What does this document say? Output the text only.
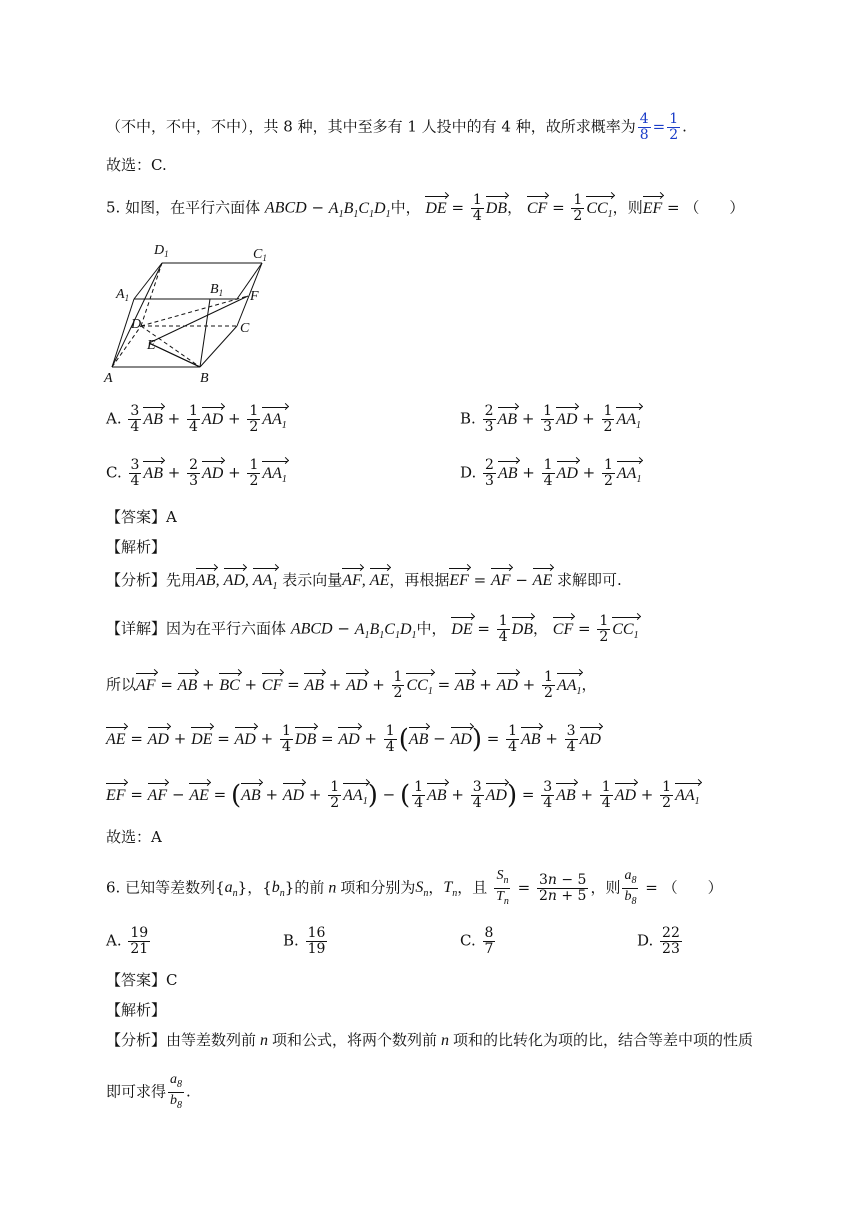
（不中，不中，不中），共 8 种，其中至多有 1 人投中的有 4 种，故所求概率为 $\frac{4}{8} = \frac{1}{2}$ .
故选：C.
5. 如图，在平行六面体 ABCD − $A_1B_1C_1D_1$中， DE = $\frac{1}{4}$ DB， CF = $\frac{1}{2} CC_1$，则EF = （　　）
$D_1$	$C_1$
$A_1$
$B_1$ F
D	C
E
A	B
A. $\frac{3}{4}$ AB + $\frac{1}{4}$ AD + $\frac{1}{2} AA_1$	B. $\frac{2}{3}$ AB + $\frac{1}{3}$ AD + $\frac{1}{2} AA_1$
C. $\frac{3}{4}$ AB + $\frac{2}{3}$ AD + $\frac{1}{2} AA_1$	D. $\frac{2}{3}$ AB + $\frac{1}{4}$ AD + $\frac{1}{2} AA_1$
【答案】A
【解析】
【分析】先用AB, AD, $AA_1$ 表示向量AF, AE，再根据EF = AF − AE 求解即可.
【详解】因为在平行六面体 ABCD − $A_1B_1C_1D_1$中， DE = $\frac{1}{4}$ DB， CF = $\frac{1}{2} CC_1$
所以AF = AB + BC + CF = AB + AD + $\frac{1}{2} CC_1$ = AB + AD + $\frac{1}{2} AA_1$，
AE = AD + DE = AD + $\frac{1}{4}$ DB = AD + $\frac{1}{4} (AB - AD) = \frac{1}{4}$ AB + $\frac{3}{4}$ AD
EF = AF − AE = (AB + AD + $\frac{1}{2} AA_1$) − ( $\frac{1}{4}$ AB + $\frac{3}{4} AD) = \frac{3}{4}$ AB + $\frac{1}{4}$ AD + $\frac{1}{2} AA_1$
故选：A
6. 已知等差数列$\{a_n\}$，$\{b_n\}$的前 n 项和分别为$S_n$，$T_n$，且 $\frac{S_n}{T_n} = \frac{3n - 5}{2n + 5}$ ，则 $\frac{a_8}{b_8}$ = （　　）
A. $\frac{19}{21}$	B. $\frac{16}{19}$	C. $\frac{8}{7}$	D. $\frac{22}{23}$
【答案】C
【解析】
【分析】由等差数列前 n 项和公式，将两个数列前 n 项和的比转化为项的比，结合等差中项的性质
即可求得 $\frac{a_8}{b_8}$ .
